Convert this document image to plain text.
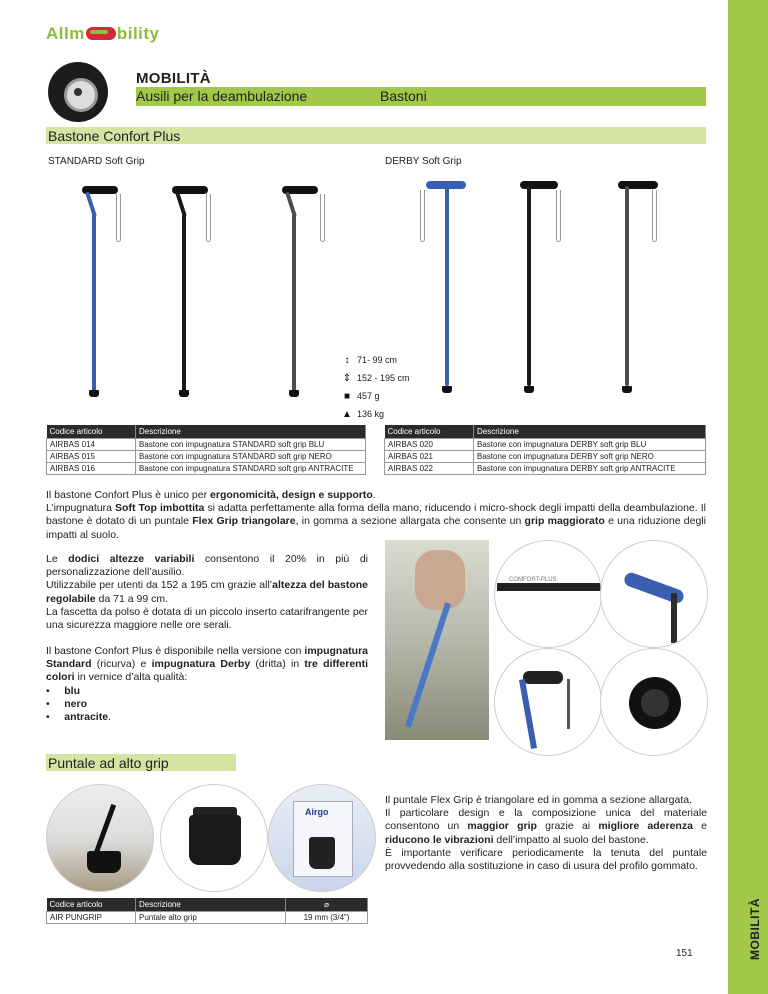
Allm bility
MOBILITÀ
MOBILITÀ
Ausili per la deambulazione	Bastoni
Bastone Confort Plus
STANDARD Soft Grip	DERBY Soft Grip
↕ 71- 99 cm
⇕ 152 - 195 cm
■ 457 g
▲ 136 kg
Codice articolo	Descrizione
AIRBAS 014	Bastone con impugnatura STANDARD soft grip BLU
AIRBAS 015	Bastone con impugnatura STANDARD soft grip NERO
AIRBAS 016	Bastone con impugnatura STANDARD soft grip ANTRACITE
Codice articolo	Descrizione
AIRBAS 020	Bastone con impugnatura DERBY soft grip BLU
AIRBAS 021	Bastone con impugnatura DERBY soft grip NERO
AIRBAS 022	Bastone con impugnatura DERBY soft grip ANTRACITE
Il bastone Confort Plus è unico per ergonomicità, design e supporto.
L’impugnatura Soft Top imbottita si adatta perfettamente alla forma della mano, riducendo i micro-shock degli impatti della deambulazione. Il bastone è dotato di un puntale Flex Grip triangolare, in gomma a sezione allargata che consente un grip maggiorato e una riduzione degli impatti al suolo.
Le dodici altezze variabili consentono il 20% in più di personalizzazione dell’ausilio.
Utilizzabile per utenti da 152 a 195 cm grazie all’altezza del bastone regolabile da 71 a 99 cm.
La fascetta da polso è dotata di un piccolo inserto catarifrangente per una sicurezza maggiore nelle ore serali.
Il bastone Confort Plus è disponibile nella versione con impugnatura Standard (ricurva) e impugnatura Derby (dritta) in tre differenti colori in vernice d’alta qualità:
•     blu
•     nero
•     antracite.
COMFORT-PLUS
Puntale ad alto grip
Airgo
Il puntale Flex Grip è triangolare ed in gomma a sezione allargata.
Il particolare design e la composizione unica del materiale consentono un maggior grip grazie ai migliore aderenza e riducono le vibrazioni dell’impatto al suolo del bastone.
È importante verificare periodicamente la tenuta del puntale provvedendo alla sostituzione in caso di usura del profilo gommato.
Codice articolo	Descrizione	⌀
AIR PUNGRIP	Puntale alto grip	19 mm (3/4”)
151
